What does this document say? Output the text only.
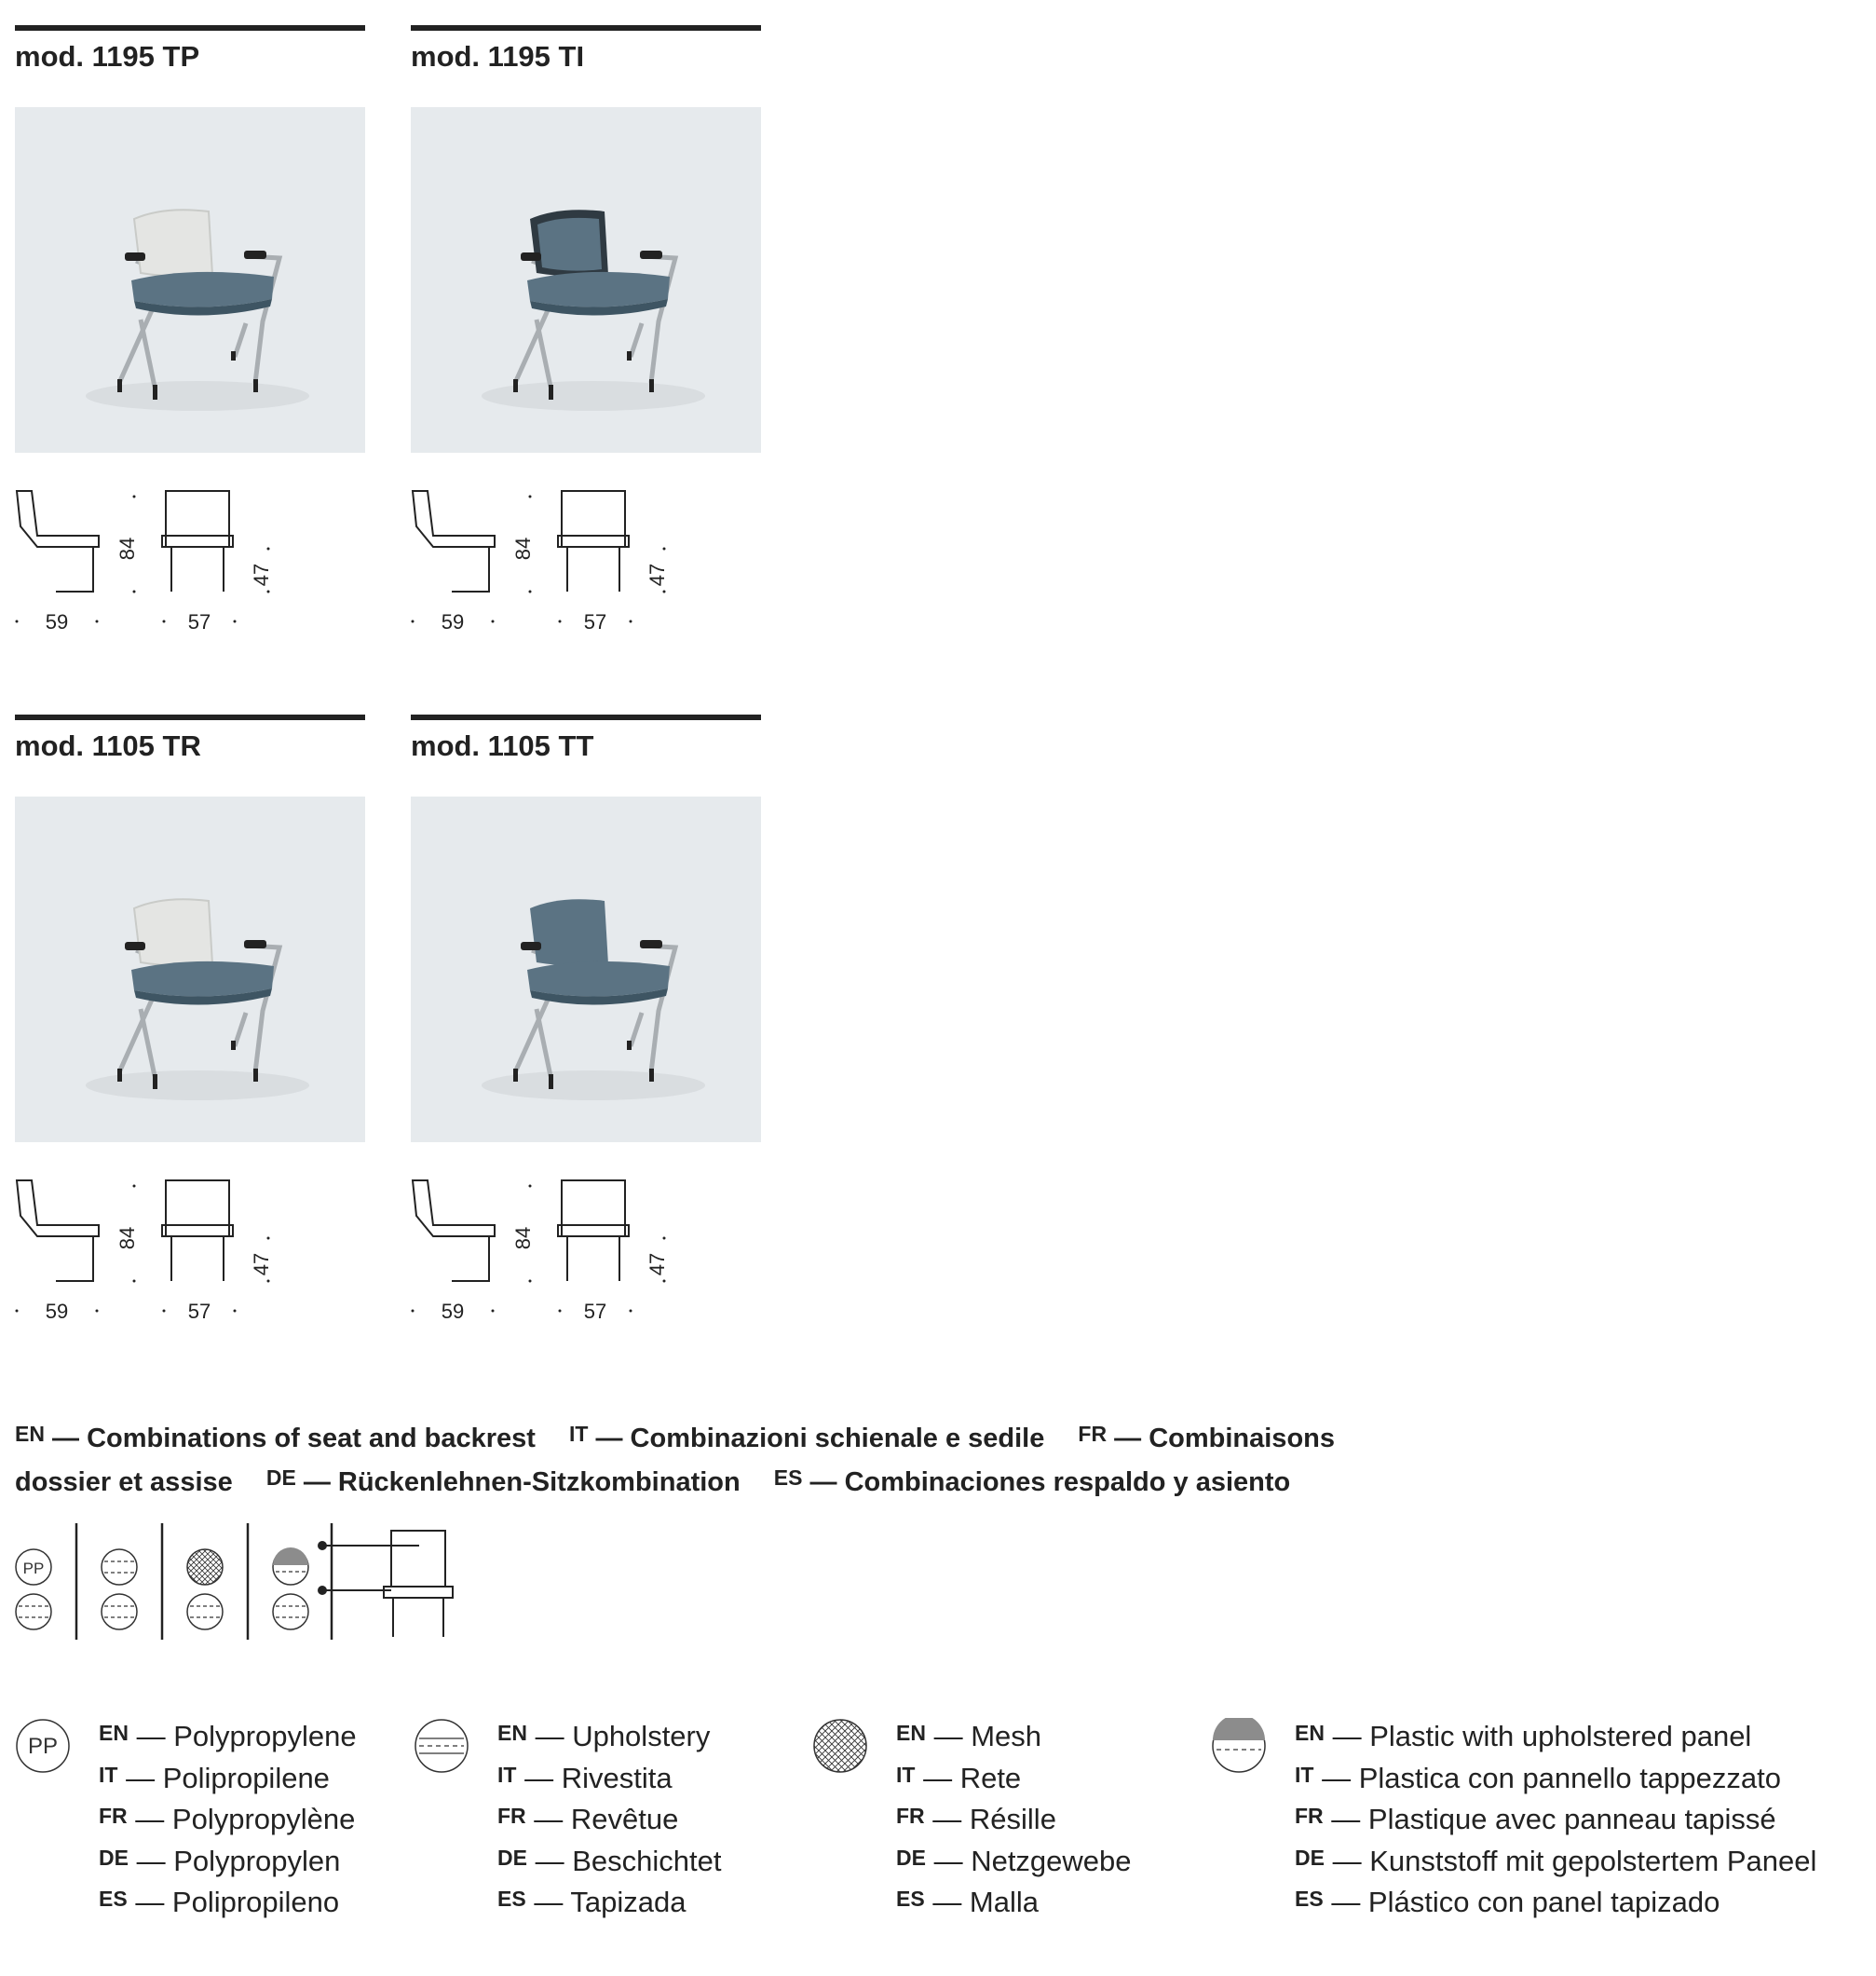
mod. 1195 TP
84
59	57
47
mod. 1195 TI
84
59	57
47
mod. 1105 TR
84
59	57
47
mod. 1105 TT
84
59	57
47
$^{EN}$ — Combinations of seat and backrest $^{IT}$ — Combinazioni schienale e sedile $^{FR}$ — Combinaisons dossier et assise $^{DE}$ — Rückenlehnen-Sitzkombination $^{ES}$ — Combinaciones respaldo y asiento
PP
PP
EN — Polypropylene
IT — Polipropilene
FR — Polypropylène
DE — Polypropylen
ES — Polipropileno
EN — Upholstery
IT — Rivestita
FR — Revêtue
DE — Beschichtet
ES — Tapizada
EN — Mesh
IT — Rete
FR — Résille
DE — Netzgewebe
ES — Malla
EN — Plastic with upholstered panel
IT — Plastica con pannello tappezzato
FR — Plastique avec panneau tapissé
DE — Kunststoff mit gepolstertem Paneel
ES — Plástico con panel tapizado
